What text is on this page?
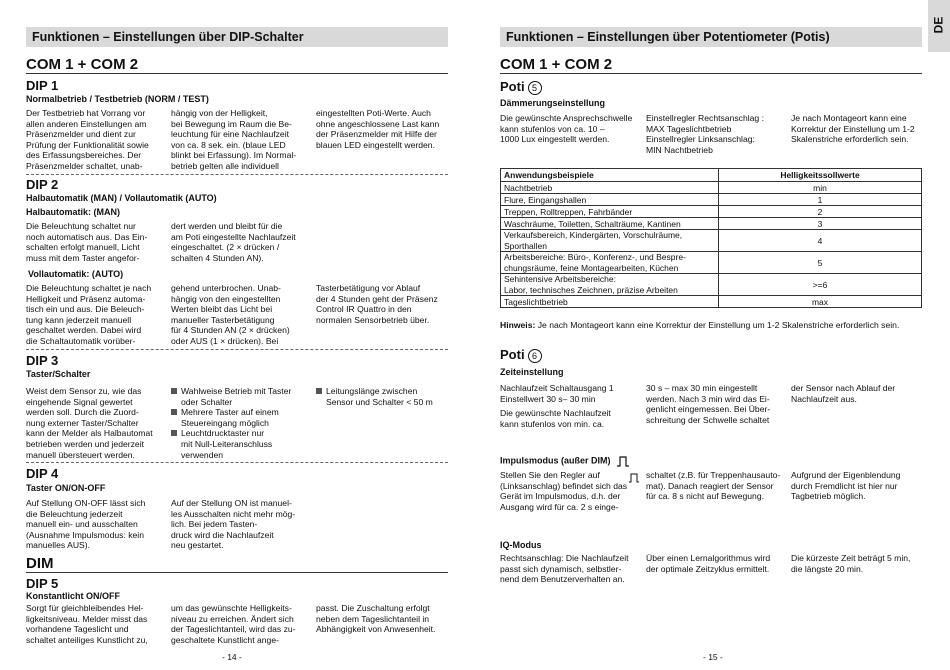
DE
Funktionen – Einstellungen über DIP-Schalter
COM 1 + COM 2
DIP 1
Normalbetrieb / Testbetrieb (NORM / TEST)
Der Testbetrieb hat Vorrang vor
allen anderen Einstellungen am
Präsenzmelder und dient zur
Prüfung der Funktionalität sowie
des Erfassungsbereiches. Der
Präsenzmelder schaltet, unab-
hängig von der Helligkeit,
bei Bewegung im Raum die Be-
leuchtung für eine Nachlaufzeit
von ca. 8 sek. ein. (blaue LED
blinkt bei Erfassung). Im Normal-
betrieb gelten alle individuell
eingestellten Poti-Werte. Auch
ohne angeschlossene Last kann
der Präsenzmelder mit Hilfe der
blauen LED eingestellt werden.
DIP 2
Halbautomatik (MAN) / Vollautomatik (AUTO)
Halbautomatik: (MAN)
Die Beleuchtung schaltet nur
noch automatisch aus. Das Ein-
schalten erfolgt manuell, Licht
muss mit dem Taster angefor-
dert werden und bleibt für die
am Poti eingestellte Nachlaufzeit
eingeschaltet. (2 × drücken /
schalten 4 Stunden AN).
Vollautomatik: (AUTO)
Die Beleuchtung schaltet je nach
Helligkeit und Präsenz automa-
tisch ein und aus. Die Beleuch-
tung kann jederzeit manuell
geschaltet werden. Dabei wird
die Schaltautomatik vorüber-
gehend unterbrochen. Unab-
hängig von den eingestellten
Werten bleibt das Licht bei
manueller Tasterbetätigung
für 4 Stunden AN (2 × drücken)
oder AUS (1 × drücken). Bei
Tasterbetätigung vor Ablauf
der 4 Stunden geht der Präsenz
Control IR Quattro in den
normalen Sensorbetrieb über.
DIP 3
Taster/Schalter
Weist dem Sensor zu, wie das
eingehende Signal gewertet
werden soll. Durch die Zuord-
nung externer Taster/Schalter
kann der Melder als Halbautomat
betrieben werden und jederzeit
manuell übersteuert werden.
Wahlweise Betrieb mit Taster
oder Schalter
Mehrere Taster auf einem
Steuereingang möglich
Leuchtdrucktaster nur
mit Null-Leiteranschluss
verwenden
Leitungslänge zwischen
Sensor und Schalter < 50 m
DIP 4
Taster ON/ON-OFF
Auf Stellung ON-OFF lässt sich
die Beleuchtung jederzeit
manuell ein- und ausschalten
(Ausnahme Impulsmodus: kein
manuelles AUS).
Auf der Stellung ON ist manuel-
les Ausschalten nicht mehr mög-
lich. Bei jedem Tasten-
druck wird die Nachlaufzeit
neu gestartet.
DIM
DIP 5
Konstantlicht ON/OFF
Sorgt für gleichbleibendes Hel-
ligkeitsniveau. Melder misst das
vorhandene Tageslicht und
schaltet anteiliges Kunstlicht zu,
um das gewünschte Helligkeits-
niveau zu erreichen. Ändert sich
der Tageslichtanteil, wird das zu-
geschaltete Kunstlicht ange-
passt. Die Zuschaltung erfolgt
neben dem Tageslichtanteil in
Abhängigkeit von Anwesenheit.
- 14 -
Funktionen – Einstellungen über Potentiometer (Potis)
COM 1 + COM 2
Poti 5
Dämmerungseinstellung
Die gewünschte Ansprechschwelle
kann stufenlos von ca. 10 –
1000 Lux eingestellt werden.
Einstellregler Rechtsanschlag :
MAX Tageslichtbetrieb
Einstellregler Linksanschlag:
MIN Nachtbetrieb
Je nach Montageort kann eine
Korrektur der Einstellung um 1-2
Skalenstriche erforderlich sein.
Anwendungsbeispiele	Helligkeitssollwerte
Nachtbetrieb	min
Flure, Eingangshallen	1
Treppen, Rolltreppen, Fahrbänder	2
Waschräume, Toiletten, Schalträume, Kantinen	3
Verkaufsbereich, Kindergärten, Vorschulräume,
Sporthallen	4
Arbeitsbereiche: Büro-, Konferenz-, und Bespre-
chungsräume, feine Montagearbeiten, Küchen	5
Sehintensive Arbeitsbereiche:
Labor, technisches Zeichnen, präzise Arbeiten	>=6
Tageslichtbetrieb	max
Hinweis: Je nach Montageort kann eine Korrektur der Einstellung um 1-2 Skalenstriche erforderlich sein.
Poti 6
Zeiteinstellung
Nachlaufzeit Schaltausgang 1
Einstellwert 30 s– 30 min
Die gewünschte Nachlaufzeit
kann stufenlos von min. ca.
30 s – max 30 min eingestellt
werden. Nach 3 min wird das Ei-
genlicht eingemessen. Bei Über-
schreitung der Schwelle schaltet
der Sensor nach Ablauf der
Nachlaufzeit aus.
Impulsmodus (außer DIM)
Stellen Sie den Regler auf
(Linksanschlag) befindet sich das
Gerät im Impulsmodus, d.h. der
Ausgang wird für ca. 2 s einge-
schaltet (z.B. für Treppenhausauto-
mat). Danach reagiert der Sensor
für ca. 8 s nicht auf Bewegung.
Aufgrund der Eigenblendung
durch Fremdlicht ist hier nur
Tagbetrieb möglich.
IQ-Modus
Rechtsanschlag: Die Nachlaufzeit
passt sich dynamisch, selbstler-
nend dem Benutzerverhalten an.
Über einen Lernalgorithmus wird
der optimale Zeitzyklus ermittelt.
Die kürzeste Zeit beträgt 5 min,
die längste 20 min.
- 15 -
